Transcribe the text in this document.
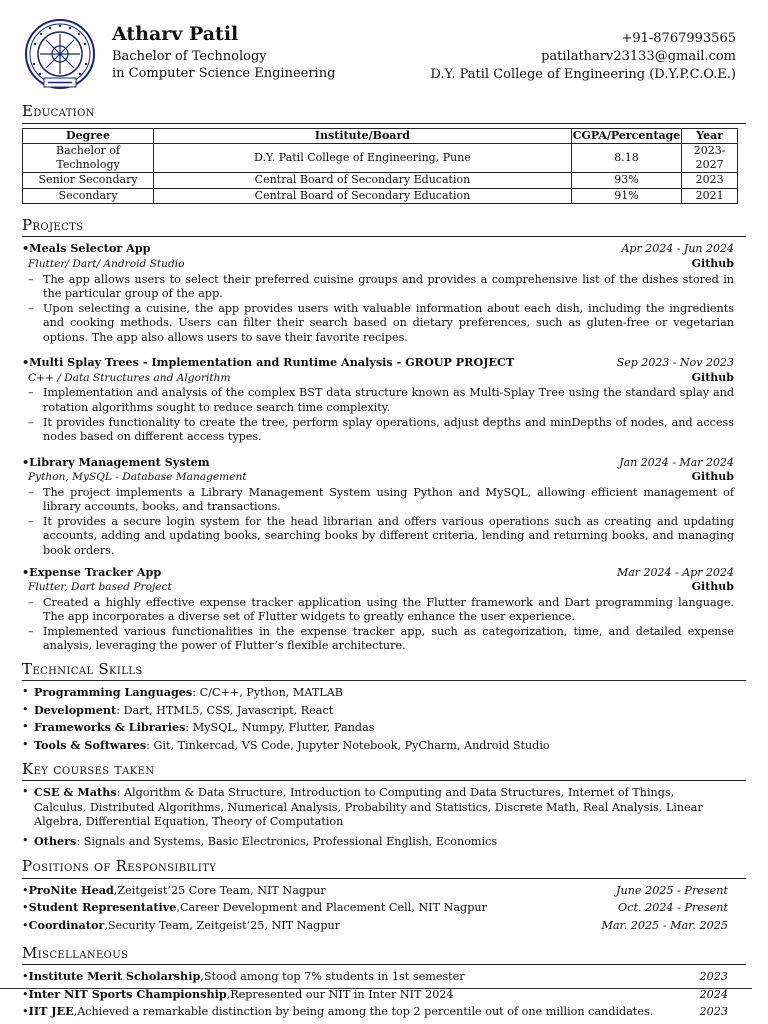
Atharv Patil
Bachelor of Technology
in Computer Science Engineering
+91-8767993565
patilatharv23133@gmail.com
D.Y. Patil College of Engineering (D.Y.P.C.O.E.)
Education
Degree	Institute/Board	CGPA/Percentage	Year
Bachelor of Technology	D.Y. Patil College of Engineering, Pune	8.18	2023-2027
Senior Secondary	Central Board of Secondary Education	93%	2023
Secondary	Central Board of Secondary Education	91%	2021
Projects
•Meals Selector App	Apr 2024 - Jun 2024
Flutter/ Dart/ Android Studio	Github
– The app allows users to select their preferred cuisine groups and provides a comprehensive list of the dishes stored in the particular group of the app.
– Upon selecting a cuisine, the app provides users with valuable information about each dish, including the ingredients and cooking methods. Users can filter their search based on dietary preferences, such as gluten-free or vegetarian options. The app also allows users to save their favorite recipes.
•Multi Splay Trees - Implementation and Runtime Analysis - GROUP PROJECT	Sep 2023 - Nov 2023
C++ / Data Structures and Algorithm	Github
– Implementation and analysis of the complex BST data structure known as Multi-Splay Tree using the standard splay and rotation algorithms sought to reduce search time complexity.
– It provides functionality to create the tree, perform splay operations, adjust depths and minDepths of nodes, and access nodes based on different access types.
•Library Management System	Jan 2024 - Mar 2024
Python, MySQL - Database Management	Github
– The project implements a Library Management System using Python and MySQL, allowing efficient management of library accounts, books, and transactions.
– It provides a secure login system for the head librarian and offers various operations such as creating and updating accounts, adding and updating books, searching books by different criteria, lending and returning books, and managing book orders.
•Expense Tracker App	Mar 2024 - Apr 2024
Flutter, Dart based Project	Github
– Created a highly effective expense tracker application using the Flutter framework and Dart programming language. The app incorporates a diverse set of Flutter widgets to greatly enhance the user experience.
– Implemented various functionalities in the expense tracker app, such as categorization, time, and detailed expense analysis, leveraging the power of Flutter’s flexible architecture.
Technical Skills
• Programming Languages: C/C++, Python, MATLAB
• Development: Dart, HTML5, CSS, Javascript, React
• Frameworks & Libraries: MySQL, Numpy, Flutter, Pandas
• Tools & Softwares: Git, Tinkercad, VS Code, Jupyter Notebook, PyCharm, Android Studio
Key courses taken
• CSE & Maths: Algorithm & Data Structure, Introduction to Computing and Data Structures, Internet of Things, Calculus, Distributed Algorithms, Numerical Analysis, Probability and Statistics, Discrete Math, Real Analysis, Linear Algebra, Differential Equation, Theory of Computation
• Others: Signals and Systems, Basic Electronics, Professional English, Economics
Positions of Responsibility
•ProNite Head,Zeitgeist’25 Core Team, NIT Nagpur	June 2025 - Present
•Student Representative,Career Development and Placement Cell, NIT Nagpur	Oct. 2024 - Present
•Coordinator,Security Team, Zeitgeist’25, NIT Nagpur	Mar. 2025 - Mar. 2025
Miscellaneous
•Institute Merit Scholarship,Stood among top 7% students in 1st semester	2023
•Inter NIT Sports Championship,Represented our NIT in Inter NIT 2024	2024
•IIT JEE,Achieved a remarkable distinction by being among the top 2 percentile out of one million candidates.	2023
